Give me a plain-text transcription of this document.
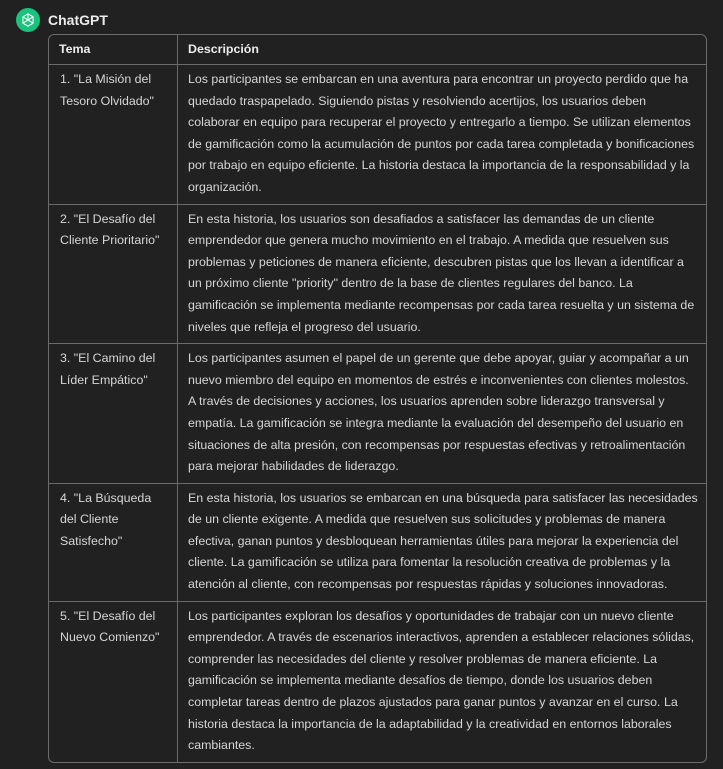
ChatGPT
Tema	Descripción
1. "La Misión del Tesoro Olvidado"	Los participantes se embarcan en una aventura para encontrar un proyecto perdido que ha quedado traspapelado. Siguiendo pistas y resolviendo acertijos, los usuarios deben colaborar en equipo para recuperar el proyecto y entregarlo a tiempo. Se utilizan elementos de gamificación como la acumulación de puntos por cada tarea completada y bonificaciones por trabajo en equipo eficiente. La historia destaca la importancia de la responsabilidad y la organización.
2. "El Desafío del Cliente Prioritario"	En esta historia, los usuarios son desafiados a satisfacer las demandas de un cliente emprendedor que genera mucho movimiento en el trabajo. A medida que resuelven sus problemas y peticiones de manera eficiente, descubren pistas que los llevan a identificar a un próximo cliente "priority" dentro de la base de clientes regulares del banco. La gamificación se implementa mediante recompensas por cada tarea resuelta y un sistema de niveles que refleja el progreso del usuario.
3. "El Camino del Líder Empático"	Los participantes asumen el papel de un gerente que debe apoyar, guiar y acompañar a un nuevo miembro del equipo en momentos de estrés e inconvenientes con clientes molestos. A través de decisiones y acciones, los usuarios aprenden sobre liderazgo transversal y empatía. La gamificación se integra mediante la evaluación del desempeño del usuario en situaciones de alta presión, con recompensas por respuestas efectivas y retroalimentación para mejorar habilidades de liderazgo.
4. "La Búsqueda del Cliente Satisfecho"	En esta historia, los usuarios se embarcan en una búsqueda para satisfacer las necesidades de un cliente exigente. A medida que resuelven sus solicitudes y problemas de manera efectiva, ganan puntos y desbloquean herramientas útiles para mejorar la experiencia del cliente. La gamificación se utiliza para fomentar la resolución creativa de problemas y la atención al cliente, con recompensas por respuestas rápidas y soluciones innovadoras.
5. "El Desafío del Nuevo Comienzo"	Los participantes exploran los desafíos y oportunidades de trabajar con un nuevo cliente emprendedor. A través de escenarios interactivos, aprenden a establecer relaciones sólidas, comprender las necesidades del cliente y resolver problemas de manera eficiente. La gamificación se implementa mediante desafíos de tiempo, donde los usuarios deben completar tareas dentro de plazos ajustados para ganar puntos y avanzar en el curso. La historia destaca la importancia de la adaptabilidad y la creatividad en entornos laborales cambiantes.
